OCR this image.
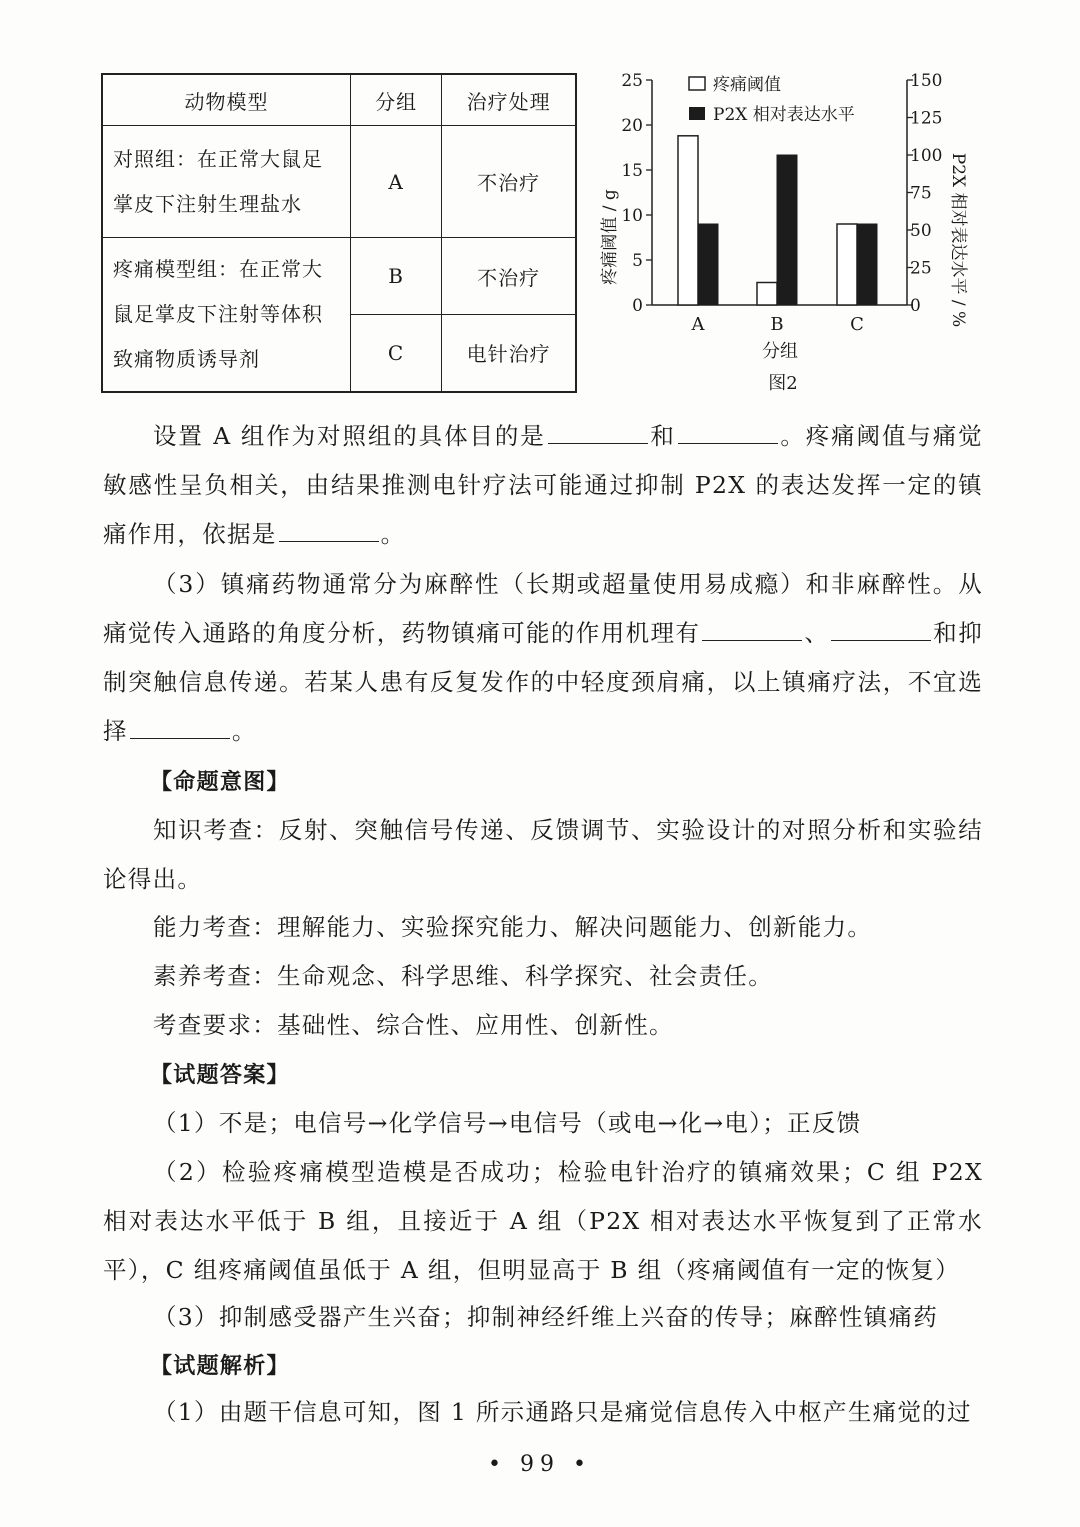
动物模型	分组	治疗处理
对照组：在正常大鼠足掌皮下注射生理盐水	A	不治疗
疼痛模型组：在正常大鼠足掌皮下注射等体积致痛物质诱导剂	B	不治疗
	C	电针治疗
0
5
10
15
20
25
0
25
50
75
100
125
150
A	B	C
疼痛阈值 / g	P2X 相对表达水平 / %
疼痛阈值
P2X 相对表达水平
分组
图2

设置 A 组作为对照组的具体目的是	和	。疼痛阈值与痛觉敏感性呈负相关，由结果推测电针疗法可能通过抑制 P2X 的表达发挥一定的镇痛作用，依据是	。

（3）镇痛药物通常分为麻醉性（长期或超量使用易成瘾）和非麻醉性。从痛觉传入通路的角度分析，药物镇痛可能的作用机理有	、	和抑制突触信息传递。若某人患有反复发作的中轻度颈肩痛，以上镇痛疗法，不宜选择	。

【命题意图】

知识考查：反射、突触信号传递、反馈调节、实验设计的对照分析和实验结论得出。

能力考查：理解能力、实验探究能力、解决问题能力、创新能力。

素养考查：生命观念、科学思维、科学探究、社会责任。

考查要求：基础性、综合性、应用性、创新性。

【试题答案】

（1）不是；电信号→化学信号→电信号（或电→化→电）；正反馈

（2）检验疼痛模型造模是否成功；检验电针治疗的镇痛效果；C 组 P2X 相对表达水平低于 B 组，且接近于 A 组（P2X 相对表达水平恢复到了正常水平），C 组疼痛阈值虽低于 A 组，但明显高于 B 组（疼痛阈值有一定的恢复）

（3）抑制感受器产生兴奋；抑制神经纤维上兴奋的传导；麻醉性镇痛药

【试题解析】

（1）由题干信息可知，图 1 所示通路只是痛觉信息传入中枢产生痛觉的过

• 99 •
